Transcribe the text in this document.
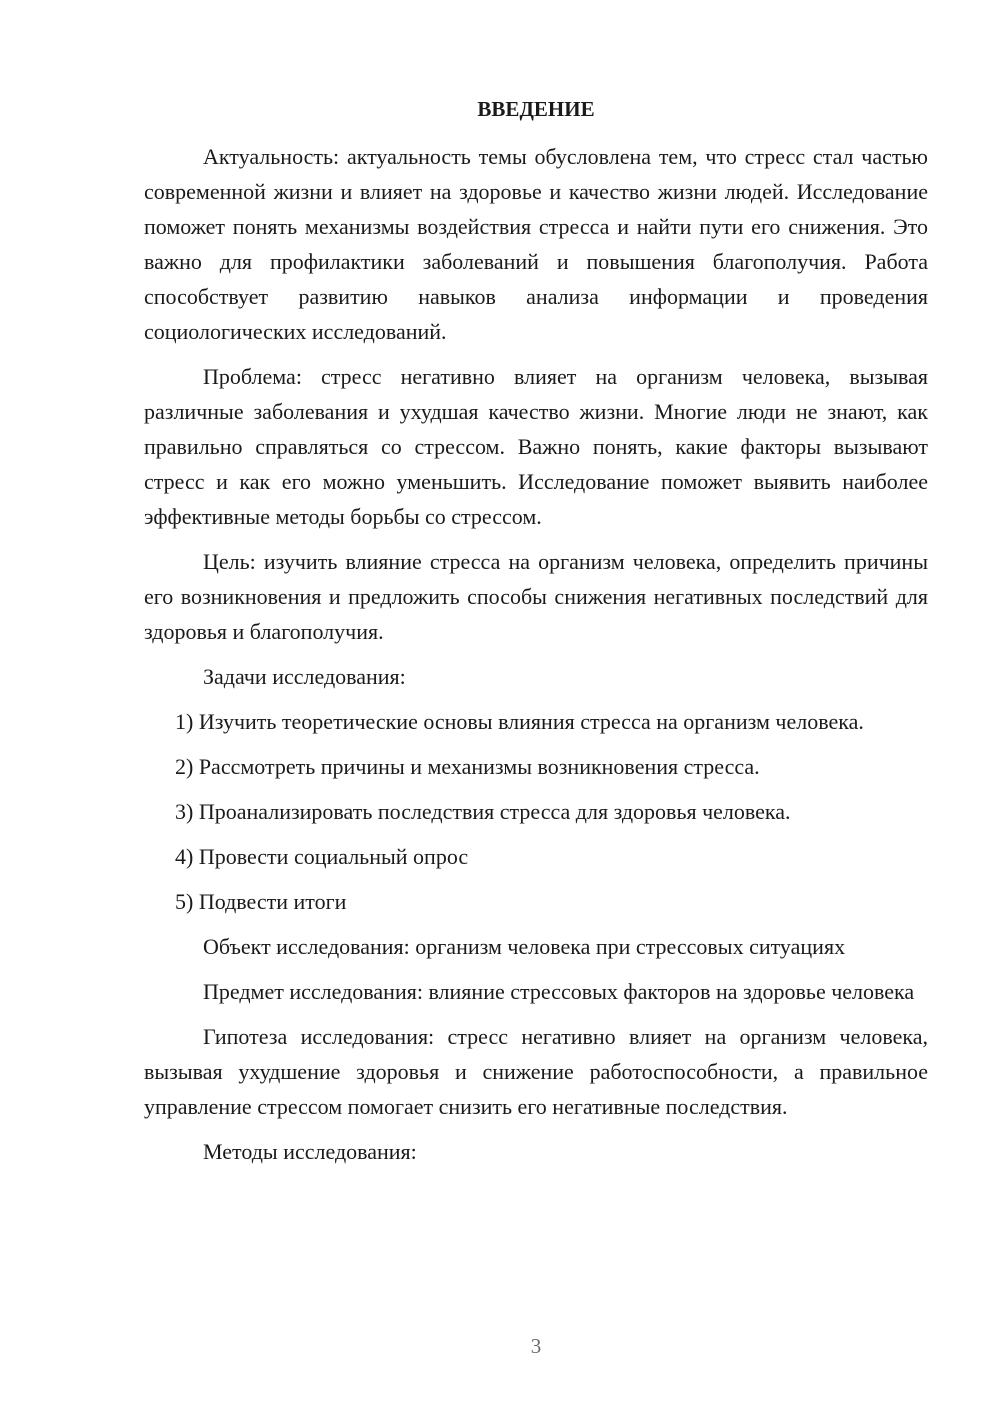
ВВЕДЕНИЕ

Актуальность: актуальность темы обусловлена тем, что стресс стал частью современной жизни и влияет на здоровье и качество жизни людей. Исследование поможет понять механизмы воздействия стресса и найти пути его снижения. Это важно для профилактики заболеваний и повышения благополучия. Работа способствует развитию навыков анализа информации и проведения социологических исследований.

Проблема: стресс негативно влияет на организм человека, вызывая различные заболевания и ухудшая качество жизни. Многие люди не знают, как правильно справляться со стрессом. Важно понять, какие факторы вызывают стресс и как его можно уменьшить. Исследование поможет выявить наиболее эффективные методы борьбы со стрессом.

Цель: изучить влияние стресса на организм человека, определить причины его возникновения и предложить способы снижения негативных последствий для здоровья и благополучия.

Задачи исследования:

1) Изучить теоретические основы влияния стресса на организм человека.

2) Рассмотреть причины и механизмы возникновения стресса.

3) Проанализировать последствия стресса для здоровья человека.

4) Провести социальный опрос

5) Подвести итоги

Объект исследования: организм человека при стрессовых ситуациях

Предмет исследования: влияние стрессовых факторов на здоровье человека

Гипотеза исследования: стресс негативно влияет на организм человека, вызывая ухудшение здоровья и снижение работоспособности, а правильное управление стрессом помогает снизить его негативные последствия.

Методы исследования:

3
